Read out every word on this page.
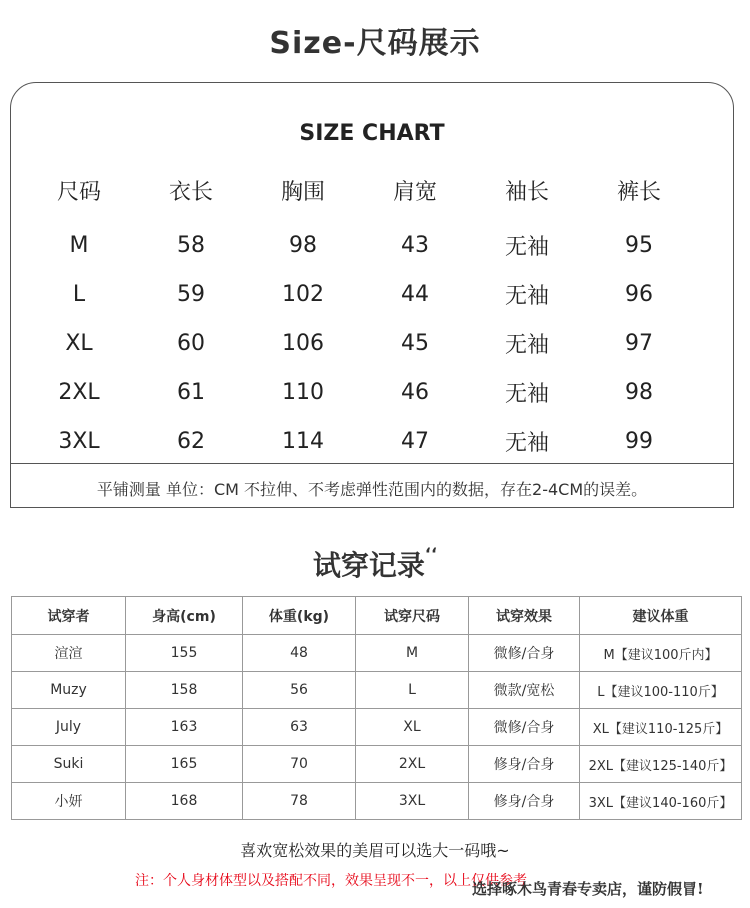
Size-尺码展示
SIZE CHART
尺码	衣长	胸围	肩宽	袖长	裤长
M	58	98	43	无袖	95
L	59	102	44	无袖	96
XL	60	106	45	无袖	97
2XL	61	110	46	无袖	98
3XL	62	114	47	无袖	99
平铺测量 单位：CM 不拉伸、不考虑弹性范围内的数据，存在2-4CM的误差。
试穿记录$^{ʻʻ}$
试穿者	身高(cm)	体重(kg)	试穿尺码	试穿效果	建议体重
渲渲	155	48	M	微修/合身	M【建议100斤内】
Muzy	158	56	L	微款/宽松	L【建议100-110斤】
July	163	63	XL	微修/合身	XL【建议110-125斤】
Suki	165	70	2XL	修身/合身	2XL【建议125-140斤】
小妍	168	78	3XL	修身/合身	3XL【建议140-160斤】
喜欢宽松效果的美眉可以选大一码哦~
注：个人身材体型以及搭配不同，效果呈现不一，以上仅供参考
选择啄木鸟青春专卖店，谨防假冒!
